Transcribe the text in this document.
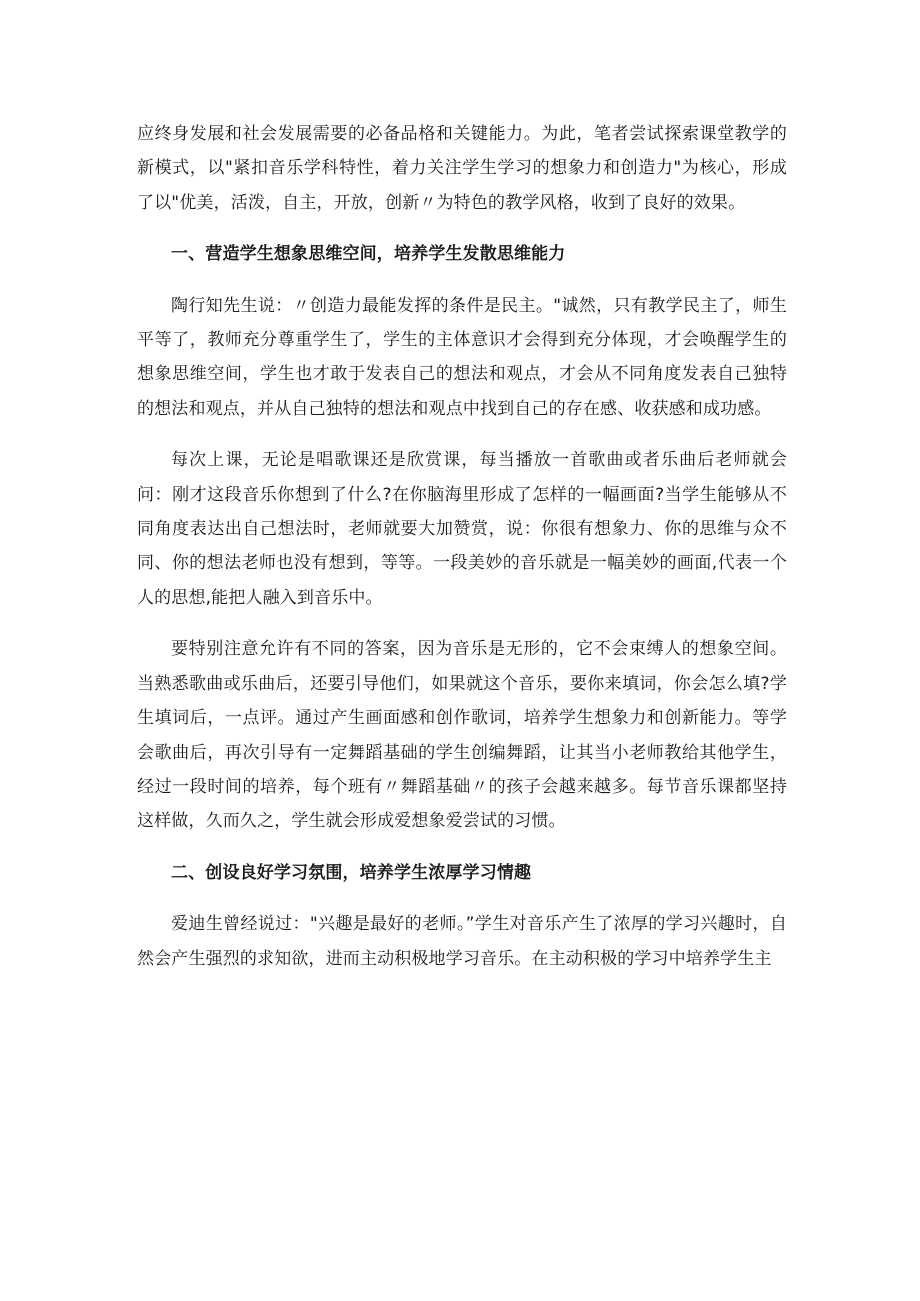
应终身发展和社会发展需要的必备品格和关键能力。为此，笔者尝试探索课堂教学的新模式，以"紧扣音乐学科特性，着力关注学生学习的想象力和创造力"为核心，形成了以"优美，活泼，自主，开放，创新〃为特色的教学风格，收到了良好的效果。

一、营造学生想象思维空间，培养学生发散思维能力

陶行知先生说：〃创造力最能发挥的条件是民主。"诚然，只有教学民主了，师生平等了，教师充分尊重学生了，学生的主体意识才会得到充分体现，才会唤醒学生的想象思维空间，学生也才敢于发表自己的想法和观点，才会从不同角度发表自己独特的想法和观点，并从自己独特的想法和观点中找到自己的存在感、收获感和成功感。

每次上课，无论是唱歌课还是欣赏课，每当播放一首歌曲或者乐曲后老师就会问：刚才这段音乐你想到了什么?在你脑海里形成了怎样的一幅画面?当学生能够从不同角度表达出自己想法时，老师就要大加赞赏，说：你很有想象力、你的思维与众不同、你的想法老师也没有想到，等等。一段美妙的音乐就是一幅美妙的画面,代表一个人的思想,能把人融入到音乐中。

要特别注意允许有不同的答案，因为音乐是无形的，它不会束缚人的想象空间。当熟悉歌曲或乐曲后，还要引导他们，如果就这个音乐，要你来填词，你会怎么填?学生填词后，一点评。通过产生画面感和创作歌词，培养学生想象力和创新能力。等学会歌曲后，再次引导有一定舞蹈基础的学生创编舞蹈，让其当小老师教给其他学生，经过一段时间的培养，每个班有〃舞蹈基础〃的孩子会越来越多。每节音乐课都坚持这样做，久而久之，学生就会形成爱想象爱尝试的习惯。

二、创设良好学习氛围，培养学生浓厚学习情趣

爱迪生曾经说过："兴趣是最好的老师。”学生对音乐产生了浓厚的学习兴趣时，自然会产生强烈的求知欲，进而主动积极地学习音乐。在主动积极的学习中培养学生主
